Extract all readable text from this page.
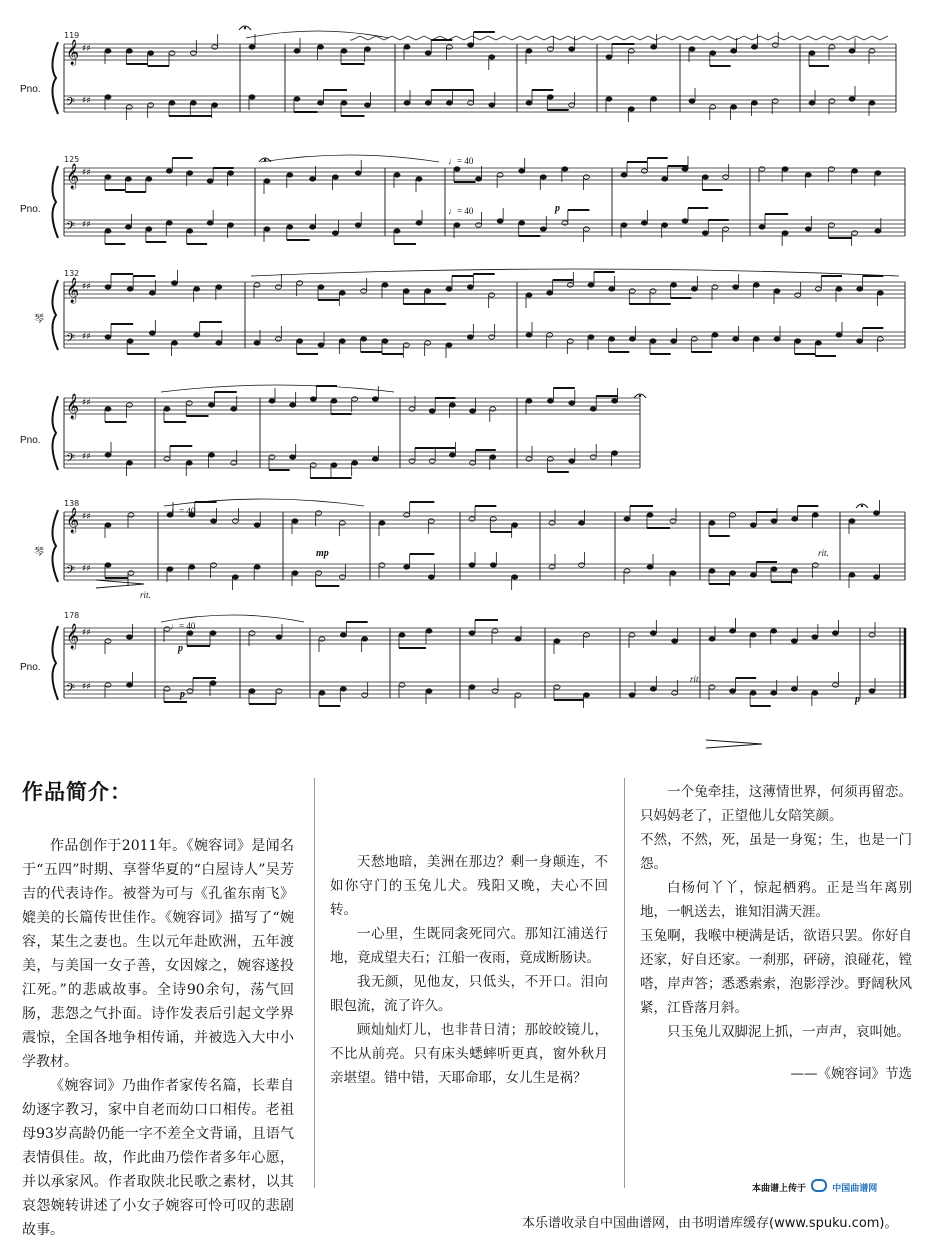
𝄞 ♯♯
𝄢 ♯♯
𝄞 ♯♯
𝄢 ♯♯
𝄞 ♯♯
𝄢 ♯♯
𝄞 ♯♯
𝄢 ♯♯
𝄞 ♯♯
𝄢 ♯♯
𝄞 ♯♯
𝄢 ♯♯
119
125
132
138
178
Pno.
Pno.
琴
Pno.
琴
Pno.
♩= 40
♩= 40
♩= 40
♩= 40
p
p
mp
p
p
rit.
rit.
rit.

作品简介：

作品创作于2011年。《婉容词》是闻名于“五四”时期、享誉华夏的“白屋诗人”吴芳吉的代表诗作。被誉为可与《孔雀东南飞》媲美的长篇传世佳作。《婉容词》描写了“婉容，某生之妻也。生以元年赴欧洲，五年渡美，与美国一女子善，女因嫁之，婉容遂投江死。”的悲戚故事。全诗90余句，荡气回肠，悲怨之气扑面。诗作发表后引起文学界震惊，全国各地争相传诵，并被选入大中小学教材。

《婉容词》乃曲作者家传名篇，长辈自幼逐字教习，家中自老而幼口口相传。老祖母93岁高龄仍能一字不差全文背诵，且语气表情俱佳。故，作此曲乃偿作者多年心愿，并以承家风。作者取陕北民歌之素材，以其哀怨婉转讲述了小女子婉容可怜可叹的悲剧故事。

天愁地暗，美洲在那边？剩一身颠连，不如你守门的玉兔儿犬。残阳又晚，夫心不回转。

一心里，生既同衾死同穴。那知江浦送行地，竟成望夫石；江船一夜雨，竟成断肠诀。

我无颜，见他友，只低头，不开口。泪向眼包流，流了许久。

顾灿灿灯儿，也非昔日清；那皎皎镜儿，不比从前亮。只有床头蟋蟀听更真，窗外秋月亲堪望。错中错，天耶命耶，女儿生是祸？

一个兔牵挂，这薄情世界，何须再留恋。只妈妈老了，正望他儿女陪笑颜。

不然，不然，死，虽是一身冤；生，也是一门怨。

白杨何丫丫，惊起栖鸦。正是当年离别地，一帆送去，谁知泪满天涯。

玉兔啊，我喉中梗满是话，欲语只罢。你好自还家，好自还家。一刹那，砰磅，浪碰花，镗嗒，岸声答；悉悉索索，泡影浮沙。野阔秋风紧，江昏落月斜。

只玉兔儿双脚泥上抓，一声声，哀叫她。

——《婉容词》节选

本曲谱上传于	中国曲谱网
本乐谱收录自中国曲谱网，由书明谱库缓存(www.spuku.com)。
